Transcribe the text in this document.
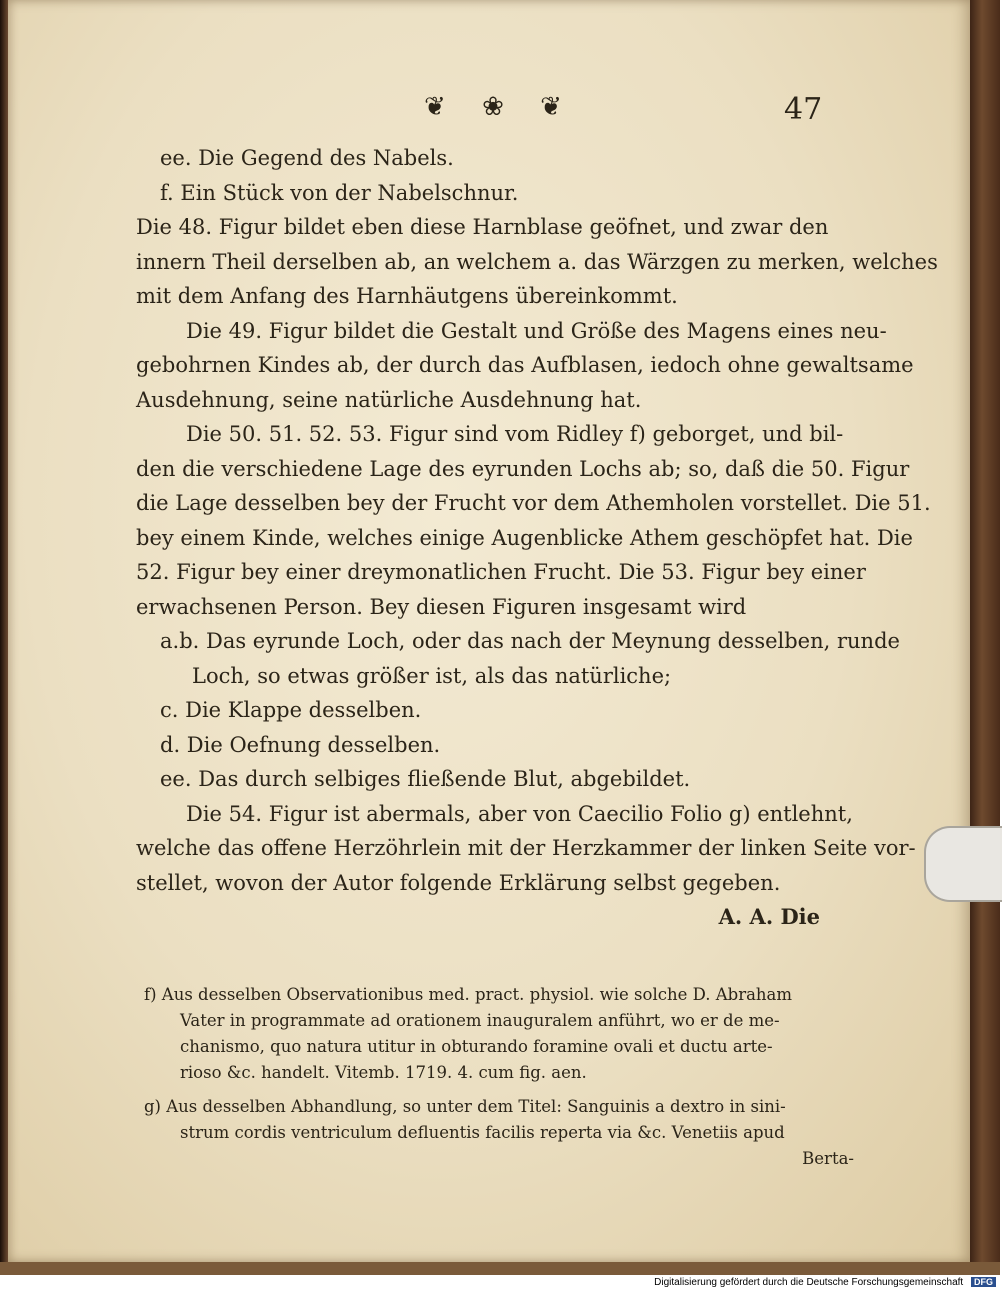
❦ ❀ ❦	47
ee. Die Gegend des Nabels.
f. Ein Stück von der Nabelschnur.
Die 48. Figur bildet eben diese Harnblase geöfnet, und zwar den
innern Theil derselben ab, an welchem a. das Wärzgen zu merken, welches
mit dem Anfang des Harnhäutgens übereinkommt.
Die 49. Figur bildet die Gestalt und Größe des Magens eines neu-
gebohrnen Kindes ab, der durch das Aufblasen, iedoch ohne gewaltsame
Ausdehnung, seine natürliche Ausdehnung hat.
Die 50. 51. 52. 53. Figur sind vom Ridley f) geborget, und bil-
den die verschiedene Lage des eyrunden Lochs ab; so, daß die 50. Figur
die Lage desselben bey der Frucht vor dem Athemholen vorstellet. Die 51.
bey einem Kinde, welches einige Augenblicke Athem geschöpfet hat. Die
52. Figur bey einer dreymonatlichen Frucht. Die 53. Figur bey einer
erwachsenen Person. Bey diesen Figuren insgesamt wird
a.b. Das eyrunde Loch, oder das nach der Meynung desselben, runde
Loch, so etwas größer ist, als das natürliche;
c. Die Klappe desselben.
d. Die Oefnung desselben.
ee. Das durch selbiges fließende Blut, abgebildet.
Die 54. Figur ist abermals, aber von Caecilio Folio g) entlehnt,
welche das offene Herzöhrlein mit der Herzkammer der linken Seite vor-
stellet, wovon der Autor folgende Erklärung selbst gegeben.
A. A. Die
f) Aus desselben Observationibus med. pract. physiol. wie solche D. Abraham
Vater in programmate ad orationem inauguralem anführt, wo er de me-
chanismo, quo natura utitur in obturando foramine ovali et ductu arte-
rioso &c. handelt. Vitemb. 1719. 4. cum fig. aen.
g) Aus desselben Abhandlung, so unter dem Titel: Sanguinis a dextro in sini-
strum cordis ventriculum defluentis facilis reperta via &c. Venetiis apud
Berta-
Digitalisierung gefördert durch die Deutsche Forschungsgemeinschaft DFG
